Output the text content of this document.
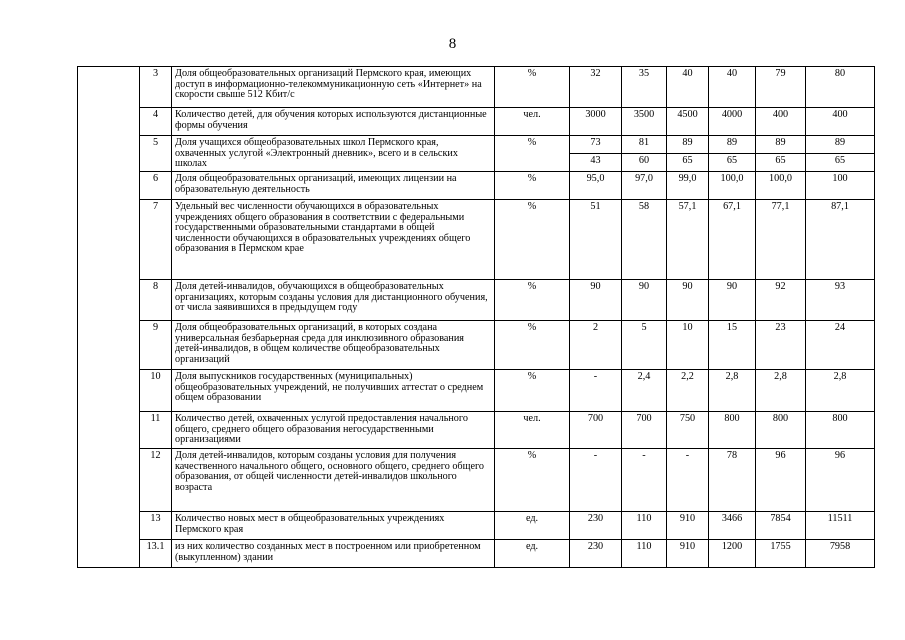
8
	3	Доля общеобразовательных организаций Пермского края, имеющих доступ в информационно-телекоммуникационную сеть «Интернет» на скорости свыше 512 Кбит/с	%	32	35	40	40	79	80
	4	Количество детей, для обучения которых используются дистанционные формы обучения	чел.	3000	3500	4500	4000	400	400
	5	Доля учащихся общеобразовательных школ Пермского края, охваченных услугой «Электронный дневник», всего и в сельских школах	%	73	81	89	89	89	89
				43	60	65	65	65	65
	6	Доля общеобразовательных организаций, имеющих лицензии на образовательную деятельность	%	95,0	97,0	99,0	100,0	100,0	100
	7	Удельный вес численности обучающихся в образовательных учреждениях общего образования в соответствии с федеральными государственными образовательными стандартами в общей численности обучающихся в образовательных учреждениях общего образования в Пермском крае	%	51	58	57,1	67,1	77,1	87,1
	8	Доля детей-инвалидов, обучающихся в общеобразовательных организациях, которым созданы условия для дистанционного обучения, от числа заявившихся в предыдущем году	%	90	90	90	90	92	93
	9	Доля общеобразовательных организаций, в которых создана универсальная безбарьерная среда для инклюзивного образования детей-инвалидов, в общем количестве общеобразовательных организаций	%	2	5	10	15	23	24
	10	Доля выпускников государственных (муниципальных) общеобразовательных учреждений, не получивших аттестат о среднем общем образовании	%	-	2,4	2,2	2,8	2,8	2,8
	11	Количество детей, охваченных услугой предоставления начального общего, среднего общего образования негосударственными организациями	чел.	700	700	750	800	800	800
	12	Доля детей-инвалидов, которым созданы условия для получения качественного начального общего, основного общего, среднего общего образования, от общей численности детей-инвалидов школьного возраста	%	-	-	-	78	96	96
	13	Количество новых мест в общеобразовательных учреждениях Пермского края	ед.	230	110	910	3466	7854	11511
	13.1	из них количество созданных мест в построенном или приобретенном (выкупленном) здании	ед.	230	110	910	1200	1755	7958
